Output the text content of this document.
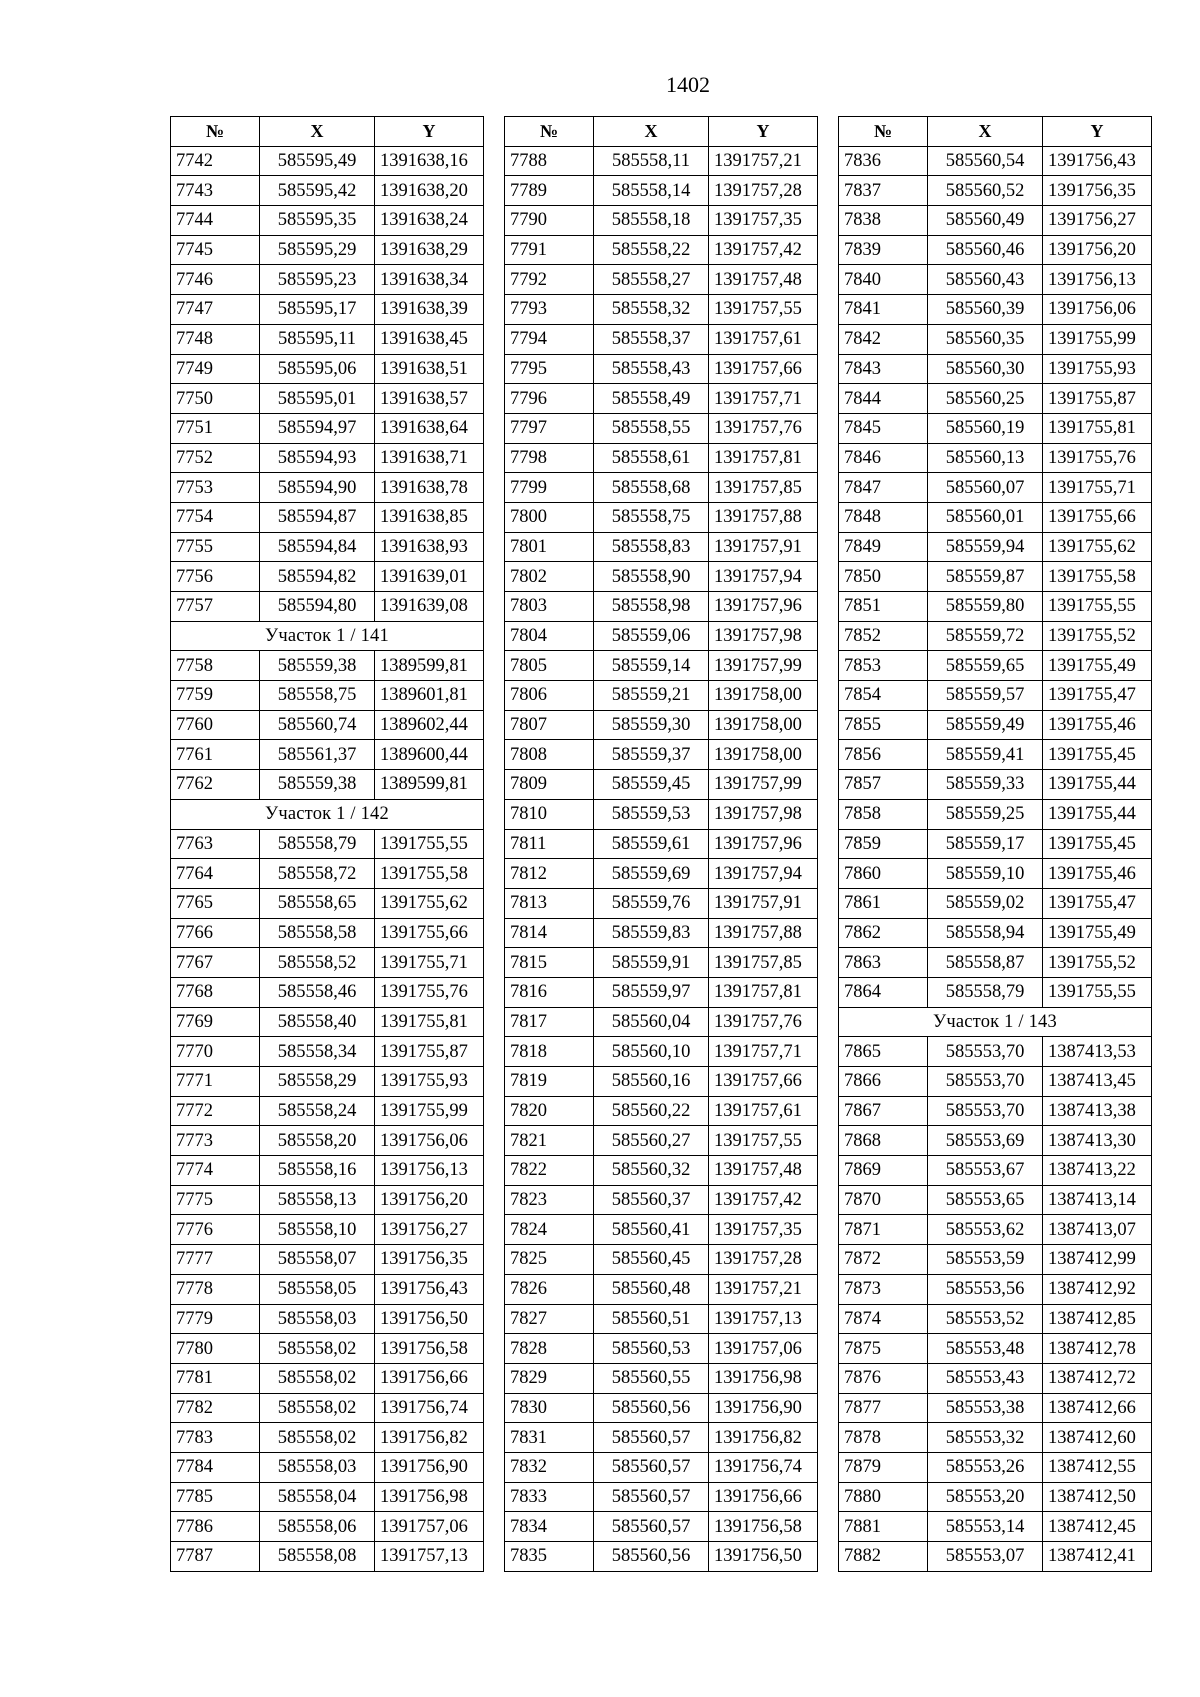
1402
№	X	Y
7742	585595,49	1391638,16
7743	585595,42	1391638,20
7744	585595,35	1391638,24
7745	585595,29	1391638,29
7746	585595,23	1391638,34
7747	585595,17	1391638,39
7748	585595,11	1391638,45
7749	585595,06	1391638,51
7750	585595,01	1391638,57
7751	585594,97	1391638,64
7752	585594,93	1391638,71
7753	585594,90	1391638,78
7754	585594,87	1391638,85
7755	585594,84	1391638,93
7756	585594,82	1391639,01
7757	585594,80	1391639,08
Участок 1 / 141		
7758	585559,38	1389599,81
7759	585558,75	1389601,81
7760	585560,74	1389602,44
7761	585561,37	1389600,44
7762	585559,38	1389599,81
Участок 1 / 142		
7763	585558,79	1391755,55
7764	585558,72	1391755,58
7765	585558,65	1391755,62
7766	585558,58	1391755,66
7767	585558,52	1391755,71
7768	585558,46	1391755,76
7769	585558,40	1391755,81
7770	585558,34	1391755,87
7771	585558,29	1391755,93
7772	585558,24	1391755,99
7773	585558,20	1391756,06
7774	585558,16	1391756,13
7775	585558,13	1391756,20
7776	585558,10	1391756,27
7777	585558,07	1391756,35
7778	585558,05	1391756,43
7779	585558,03	1391756,50
7780	585558,02	1391756,58
7781	585558,02	1391756,66
7782	585558,02	1391756,74
7783	585558,02	1391756,82
7784	585558,03	1391756,90
7785	585558,04	1391756,98
7786	585558,06	1391757,06
7787	585558,08	1391757,13
№	X	Y
7788	585558,11	1391757,21
7789	585558,14	1391757,28
7790	585558,18	1391757,35
7791	585558,22	1391757,42
7792	585558,27	1391757,48
7793	585558,32	1391757,55
7794	585558,37	1391757,61
7795	585558,43	1391757,66
7796	585558,49	1391757,71
7797	585558,55	1391757,76
7798	585558,61	1391757,81
7799	585558,68	1391757,85
7800	585558,75	1391757,88
7801	585558,83	1391757,91
7802	585558,90	1391757,94
7803	585558,98	1391757,96
7804	585559,06	1391757,98
7805	585559,14	1391757,99
7806	585559,21	1391758,00
7807	585559,30	1391758,00
7808	585559,37	1391758,00
7809	585559,45	1391757,99
7810	585559,53	1391757,98
7811	585559,61	1391757,96
7812	585559,69	1391757,94
7813	585559,76	1391757,91
7814	585559,83	1391757,88
7815	585559,91	1391757,85
7816	585559,97	1391757,81
7817	585560,04	1391757,76
7818	585560,10	1391757,71
7819	585560,16	1391757,66
7820	585560,22	1391757,61
7821	585560,27	1391757,55
7822	585560,32	1391757,48
7823	585560,37	1391757,42
7824	585560,41	1391757,35
7825	585560,45	1391757,28
7826	585560,48	1391757,21
7827	585560,51	1391757,13
7828	585560,53	1391757,06
7829	585560,55	1391756,98
7830	585560,56	1391756,90
7831	585560,57	1391756,82
7832	585560,57	1391756,74
7833	585560,57	1391756,66
7834	585560,57	1391756,58
7835	585560,56	1391756,50
№	X	Y
7836	585560,54	1391756,43
7837	585560,52	1391756,35
7838	585560,49	1391756,27
7839	585560,46	1391756,20
7840	585560,43	1391756,13
7841	585560,39	1391756,06
7842	585560,35	1391755,99
7843	585560,30	1391755,93
7844	585560,25	1391755,87
7845	585560,19	1391755,81
7846	585560,13	1391755,76
7847	585560,07	1391755,71
7848	585560,01	1391755,66
7849	585559,94	1391755,62
7850	585559,87	1391755,58
7851	585559,80	1391755,55
7852	585559,72	1391755,52
7853	585559,65	1391755,49
7854	585559,57	1391755,47
7855	585559,49	1391755,46
7856	585559,41	1391755,45
7857	585559,33	1391755,44
7858	585559,25	1391755,44
7859	585559,17	1391755,45
7860	585559,10	1391755,46
7861	585559,02	1391755,47
7862	585558,94	1391755,49
7863	585558,87	1391755,52
7864	585558,79	1391755,55
Участок 1 / 143		
7865	585553,70	1387413,53
7866	585553,70	1387413,45
7867	585553,70	1387413,38
7868	585553,69	1387413,30
7869	585553,67	1387413,22
7870	585553,65	1387413,14
7871	585553,62	1387413,07
7872	585553,59	1387412,99
7873	585553,56	1387412,92
7874	585553,52	1387412,85
7875	585553,48	1387412,78
7876	585553,43	1387412,72
7877	585553,38	1387412,66
7878	585553,32	1387412,60
7879	585553,26	1387412,55
7880	585553,20	1387412,50
7881	585553,14	1387412,45
7882	585553,07	1387412,41
